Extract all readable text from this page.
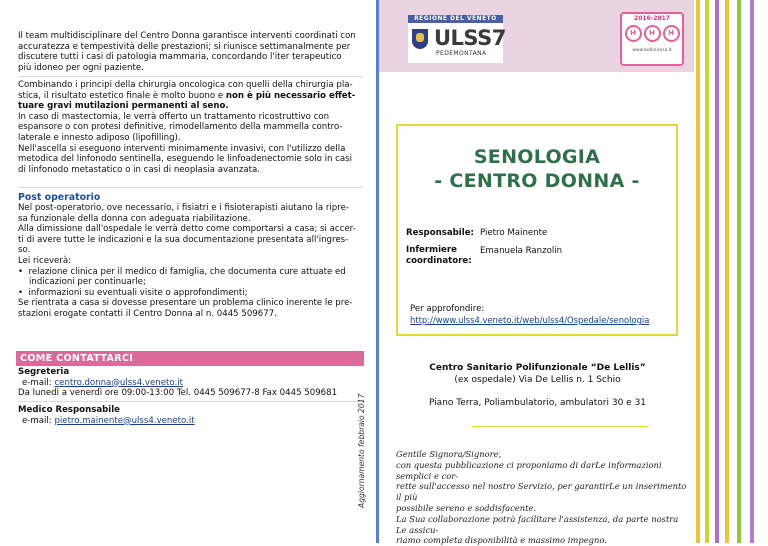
Il team multidisciplinare del Centro Donna garantisce interventi coordinati con

accuratezza e tempestività delle prestazioni; si riunisce settimanalmente per

discutere tutti i casi di patologia mammaria, concordando l'iter terapeutico

più idoneo per ogni paziente.

Combinando i principi della chirurgia oncologica con quelli della chirurgia pla-

stica, il risultato estetico finale è molto buono e non è più necessario effet-

tuare gravi mutilazioni permanenti al seno.

In caso di mastectomia, le verrà offerto un trattamento ricostruttivo con

espansore o con protesi definitive, rimodellamento della mammella contro-

laterale e innesto adiposo (lipofilling).

Nell'ascella si eseguono interventi minimamente invasivi, con l'utilizzo della

metodica del linfonodo sentinella, eseguendo le linfoadenectomie solo in casi

di linfonodo metastatico o in casi di neoplasia avanzata.

Post operatorio

Nel post-operatorio, ove necessario, i fisiatri e i fisioterapisti aiutano la ripre-

sa funzionale della donna con adeguata riabilitazione.

Alla dimissione dall'ospedale le verrà detto come comportarsi a casa; si accer-

ti di avere tutte le indicazioni e la sua documentazione presentata all'ingres-

so.

Lei riceverà:

•  relazione clinica per il medico di famiglia, che documenta cure attuate ed

indicazioni per continuarle;

•  informazioni su eventuali visite o approfondimenti;

Se rientrata a casa si dovesse presentare un problema clinico inerente le pre-

stazioni erogate contatti il Centro Donna al n. 0445 509677.

COME CONTATTARCI

Segreteria

e-mail: centro.donna@ulss4.veneto.it

Da lunedì a venerdì ore 09:00-13:00 Tel. 0445 509677-8 Fax 0445 509681

Medico Responsabile

e-mail: pietro.mainente@ulss4.veneto.it	Aggiornamento febbraio 2017
REGIONE DEL VENETO
ULSS7
PEDEMONTANA
2016-2017
H	H	H
www.bollinirosa.it
SENOLOGIA
- CENTRO DONNA -
Responsabile: Pietro Mainente
Infermiere
coordinatore:
Emanuela Ranzolin
Per approfondire:
http://www.ulss4.veneto.it/web/ulss4/Ospedale/senologia
Centro Sanitario Polifunzionale “De Lellis”
(ex ospedale) Via De Lellis n. 1 Schio
Piano Terra, Poliambulatorio, ambulatori 30 e 31
Gentile Signora/Signore,
con questa pubblicazione ci proponiamo di darLe informazioni semplici e cor-
rette sull'accesso nel nostro Servizio, per garantirLe un inserimento il più
possibile sereno e soddisfacente.
La Sua collaborazione potrà facilitare l'assistenza, da parte nostra Le assicu-
riamo completa disponibilità e massimo impegno.
